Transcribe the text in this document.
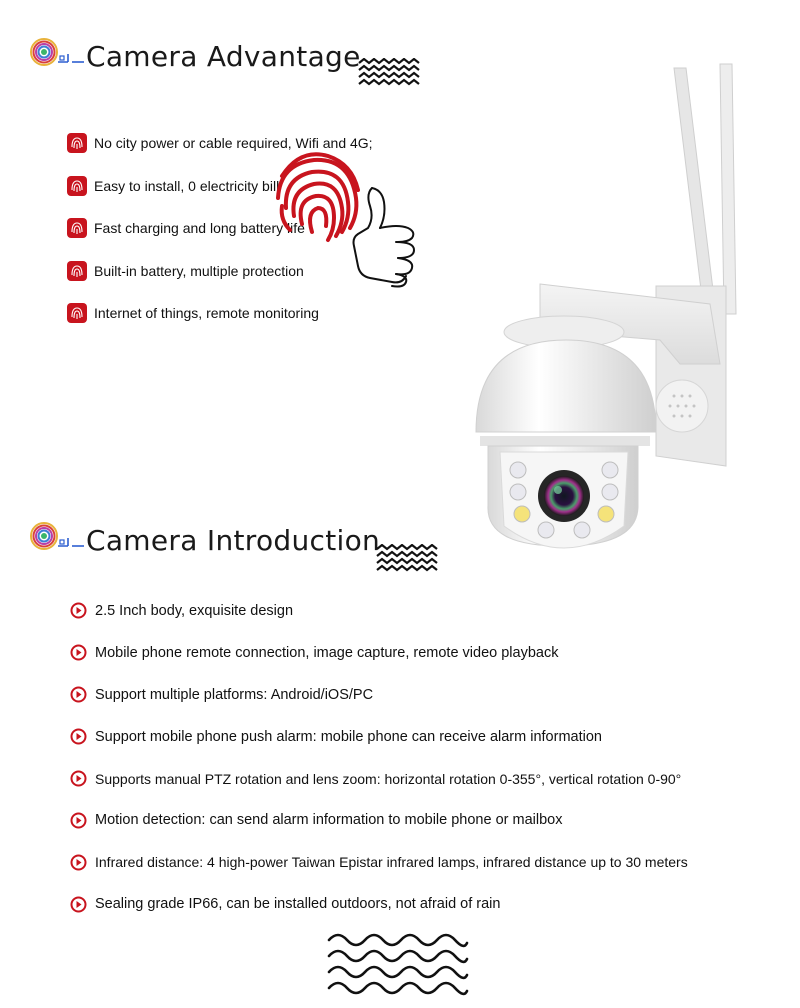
Camera Advantage
No city power or cable required, Wifi and 4G;
Easy to install, 0 electricity bill
Fast charging and long battery life
Built-in battery, multiple protection
Internet of things, remote monitoring
Camera Introduction
2.5 Inch body, exquisite design
Mobile phone remote connection, image capture, remote video playback
Support multiple platforms: Android/iOS/PC
Support mobile phone push alarm: mobile phone can receive alarm information
Supports manual PTZ rotation and lens zoom: horizontal rotation 0-355°, vertical rotation 0-90°
Motion detection: can send alarm information to mobile phone or mailbox
Infrared distance: 4 high-power Taiwan Epistar infrared lamps, infrared distance up to 30 meters
Sealing grade IP66, can be installed outdoors, not afraid of rain
